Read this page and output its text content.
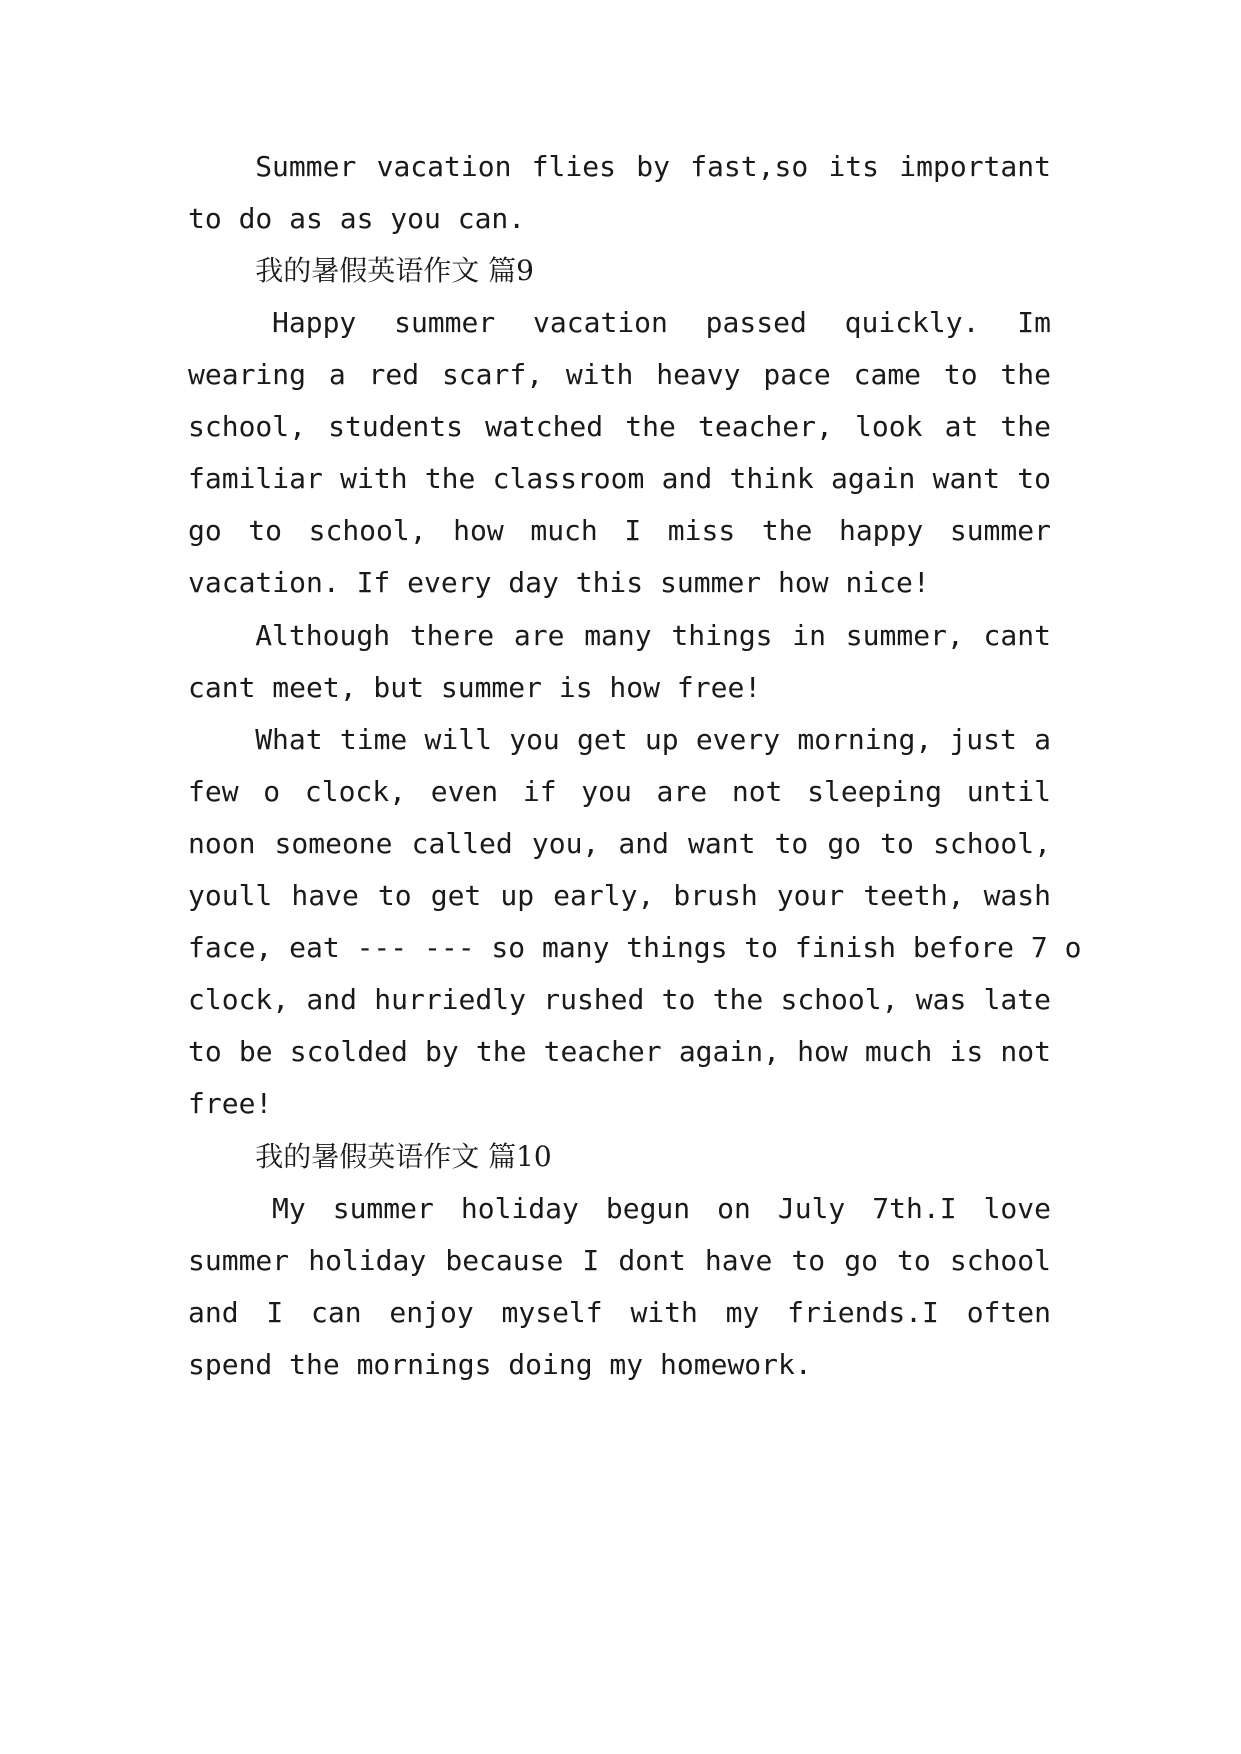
Summer vacation flies by fast,so its important
to do as as you can.
我的暑假英语作文 篇9
Happy summer vacation passed quickly. Im
wearing a red scarf, with heavy pace came to the
school, students watched the teacher, look at the
familiar with the classroom and think again want to
go to school, how much I miss the happy summer
vacation. If every day this summer how nice!
Although there are many things in summer, cant
cant meet, but summer is how free!
What time will you get up every morning, just a
few o clock, even if you are not sleeping until
noon someone called you, and want to go to school,
youll have to get up early, brush your teeth, wash
face, eat --- --- so many things to finish before 7 o
clock, and hurriedly rushed to the school, was late
to be scolded by the teacher again, how much is not
free!
我的暑假英语作文 篇10
My summer holiday begun on July 7th.I love
summer holiday because I dont have to go to school
and I can enjoy myself with my friends.I often
spend the mornings doing my homework.
